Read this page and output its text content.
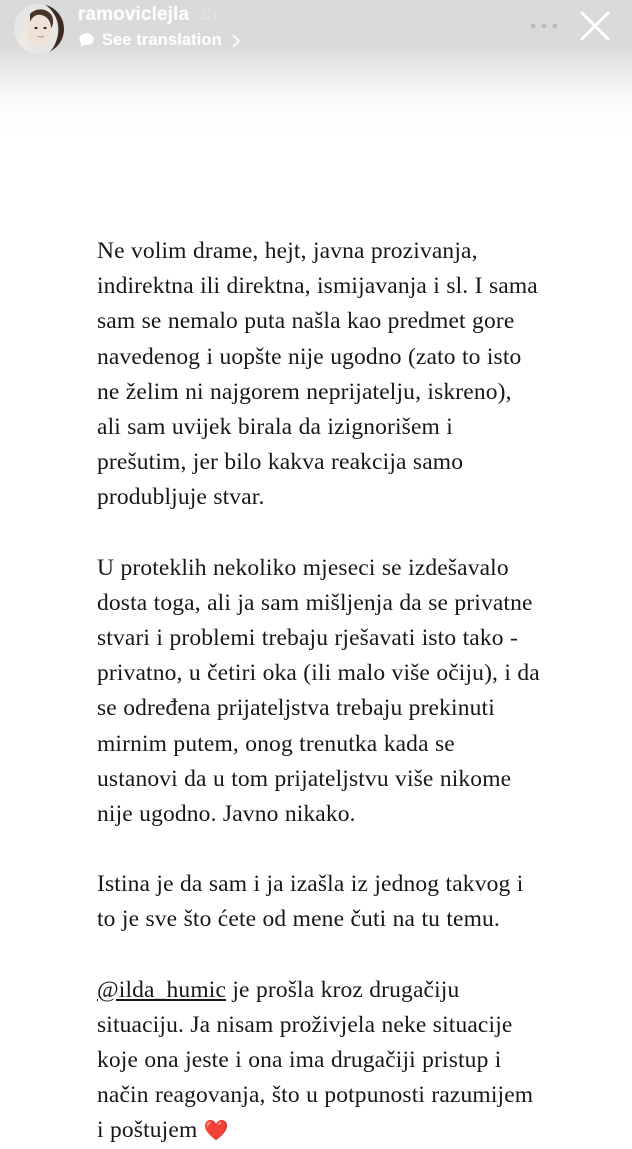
ramoviclejla 3h
See translation

Ne volim drame, hejt, javna prozivanja, indirektna ili direktna, ismijavanja i sl. I sama sam se nemalo puta našla kao predmet gore navedenog i uopšte nije ugodno (zato to isto ne želim ni najgorem neprijatelju, iskreno), ali sam uvijek birala da izignorišem i prešutim, jer bilo kakva reakcija samo produbljuje stvar.

U proteklih nekoliko mjeseci se izdešavalo dosta toga, ali ja sam mišljenja da se privatne stvari i problemi trebaju rješavati isto tako - privatno, u četiri oka (ili malo više očiju), i da se određena prijateljstva trebaju prekinuti mirnim putem, onog trenutka kada se ustanovi da u tom prijateljstvu više nikome nije ugodno. Javno nikako.

Istina je da sam i ja izašla iz jednog takvog i to je sve što ćete od mene čuti na tu temu.

@ilda_humic je prošla kroz drugačiju situaciju. Ja nisam proživjela neke situacije koje ona jeste i ona ima drugačiji pristup i način reagovanja, što u potpunosti razumijem i poštujem ❤️
